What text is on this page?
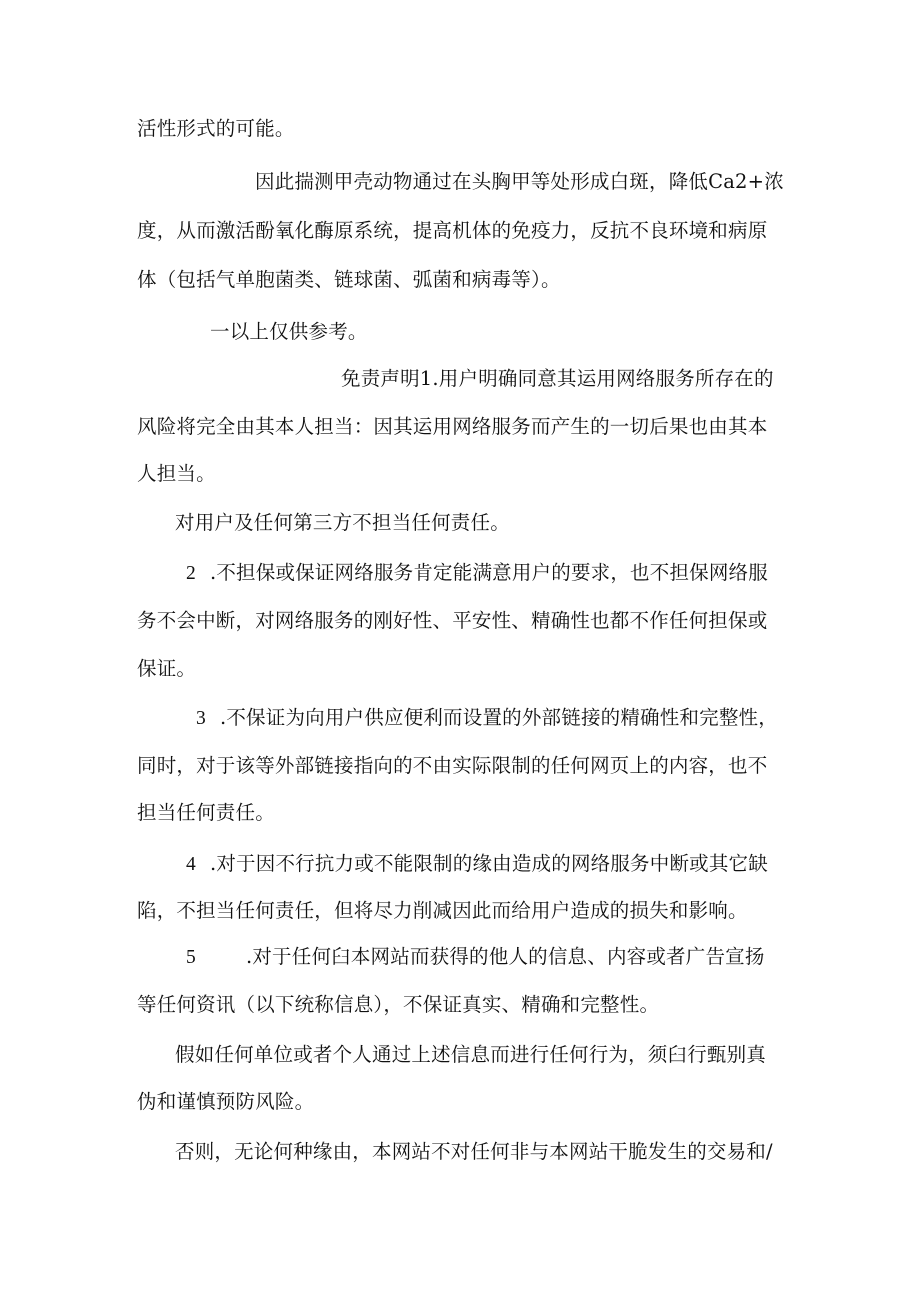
活性形式的可能。
因此揣测甲壳动物通过在头胸甲等处形成白斑，降低Ca2+浓
度，从而激活酚氧化酶原系统，提高机体的免疫力，反抗不良环境和病原
体（包括气单胞菌类、链球菌、弧菌和病毒等）。
一以上仅供参考。
免责声明1.用户明确同意其运用网络服务所存在的
风险将完全由其本人担当：因其运用网络服务而产生的一切后果也由其本
人担当。
对用户及任何第三方不担当任何责任。
2 .不担保或保证网络服务肯定能满意用户的要求，也不担保网络服
务不会中断，对网络服务的刚好性、平安性、精确性也都不作任何担保或
保证。
3 .不保证为向用户供应便利而设置的外部链接的精确性和完整性，
同时，对于该等外部链接指向的不由实际限制的任何网页上的内容，也不
担当任何责任。
4 .对于因不行抗力或不能限制的缘由造成的网络服务中断或其它缺
陷，不担当任何责任，但将尽力削减因此而给用户造成的损失和影响。
5	.对于任何臼本网站而获得的他人的信息、内容或者广告宣扬
等任何资讯（以下统称信息），不保证真实、精确和完整性。
假如任何单位或者个人通过上述信息而进行任何行为，须臼行甄别真
伪和谨慎预防风险。
否则，无论何种缘由，本网站不对任何非与本网站干脆发生的交易和/
